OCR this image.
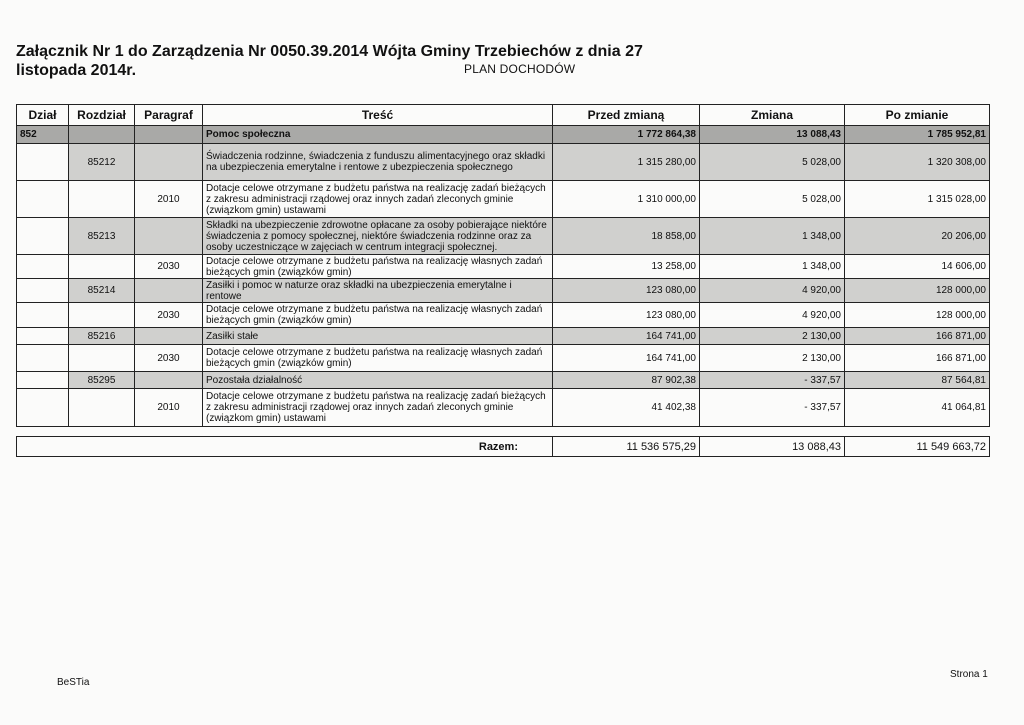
Załącznik Nr 1 do Zarządzenia Nr 0050.39.2014 Wójta Gminy Trzebiechów z dnia 27 listopada 2014r.	PLAN DOCHODÓW
Dział	Rozdział	Paragraf	Treść	Przed zmianą	Zmiana	Po zmianie
852			Pomoc społeczna	1 772 864,38	13 088,43	1 785 952,81
	85212		Świadczenia rodzinne, świadczenia z funduszu alimentacyjnego oraz składki na ubezpieczenia emerytalne i rentowe z ubezpieczenia społecznego	1 315 280,00	5 028,00	1 320 308,00
		2010	Dotacje celowe otrzymane z budżetu państwa na realizację zadań bieżących z zakresu administracji rządowej oraz innych zadań zleconych gminie (związkom gmin) ustawami	1 310 000,00	5 028,00	1 315 028,00
	85213		Składki na ubezpieczenie zdrowotne opłacane za osoby pobierające niektóre świadczenia z pomocy społecznej, niektóre świadczenia rodzinne oraz za osoby uczestniczące w zajęciach w centrum integracji społecznej.	18 858,00	1 348,00	20 206,00
		2030	Dotacje celowe otrzymane z budżetu państwa na realizację własnych zadań bieżących gmin (związków gmin)	13 258,00	1 348,00	14 606,00
	85214		Zasiłki i pomoc w naturze oraz składki na ubezpieczenia emerytalne i rentowe	123 080,00	4 920,00	128 000,00
		2030	Dotacje celowe otrzymane z budżetu państwa na realizację własnych zadań bieżących gmin (związków gmin)	123 080,00	4 920,00	128 000,00
	85216		Zasiłki stałe	164 741,00	2 130,00	166 871,00
		2030	Dotacje celowe otrzymane z budżetu państwa na realizację własnych zadań bieżących gmin (związków gmin)	164 741,00	2 130,00	166 871,00
	85295		Pozostała działalność	87 902,38	- 337,57	87 564,81
		2010	Dotacje celowe otrzymane z budżetu państwa na realizację zadań bieżących z zakresu administracji rządowej oraz innych zadań zleconych gminie (związkom gmin) ustawami	41 402,38	- 337,57	41 064,81
Razem:	11 536 575,29	13 088,43	11 549 663,72
BeSTia
Strona 1
